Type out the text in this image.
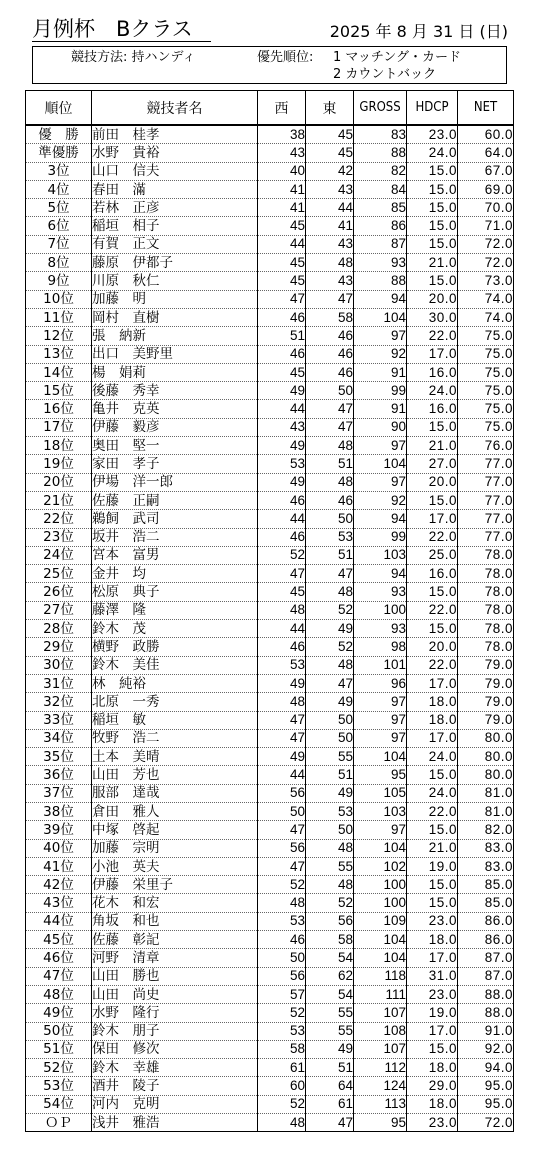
月例杯　Bクラス	2025 年 8 月 31 日 (日)
競技方法: 持ハンディ	優先順位: 1 マッチング・カード
2 カウントバック
順位	競技者名	西	東	GROSS	HDCP	NET
優　勝	前田　桂孝	38	45	83	23.0	60.0
準優勝	水野　貴裕	43	45	88	24.0	64.0
3位	山口　信夫	40	42	82	15.0	67.0
4位	春田　滿	41	43	84	15.0	69.0
5位	若林　正彦	41	44	85	15.0	70.0
6位	稲垣　相子	45	41	86	15.0	71.0
7位	有賀　正文	44	43	87	15.0	72.0
8位	藤原　伊都子	45	48	93	21.0	72.0
9位	川原　秋仁	45	43	88	15.0	73.0
10位	加藤　明	47	47	94	20.0	74.0
11位	岡村　直樹	46	58	104	30.0	74.0
12位	張　納新	51	46	97	22.0	75.0
13位	出口　美野里	46	46	92	17.0	75.0
14位	楊　娟莉	45	46	91	16.0	75.0
15位	後藤　秀幸	49	50	99	24.0	75.0
16位	亀井　克英	44	47	91	16.0	75.0
17位	伊藤　毅彦	43	47	90	15.0	75.0
18位	奥田　堅一	49	48	97	21.0	76.0
19位	家田　孝子	53	51	104	27.0	77.0
20位	伊場　洋一郎	49	48	97	20.0	77.0
21位	佐藤　正嗣	46	46	92	15.0	77.0
22位	鵜飼　武司	44	50	94	17.0	77.0
23位	坂井　浩二	46	53	99	22.0	77.0
24位	宮本　富男	52	51	103	25.0	78.0
25位	金井　均	47	47	94	16.0	78.0
26位	松原　典子	45	48	93	15.0	78.0
27位	藤澤　隆	48	52	100	22.0	78.0
28位	鈴木　茂	44	49	93	15.0	78.0
29位	横野　政勝	46	52	98	20.0	78.0
30位	鈴木　美佳	53	48	101	22.0	79.0
31位	林　純裕	49	47	96	17.0	79.0
32位	北原　一秀	48	49	97	18.0	79.0
33位	稲垣　敏	47	50	97	18.0	79.0
34位	牧野　浩二	47	50	97	17.0	80.0
35位	土本　美晴	49	55	104	24.0	80.0
36位	山田　芳也	44	51	95	15.0	80.0
37位	服部　達哉	56	49	105	24.0	81.0
38位	倉田　雅人	50	53	103	22.0	81.0
39位	中塚　啓起	47	50	97	15.0	82.0
40位	加藤　宗明	56	48	104	21.0	83.0
41位	小池　英夫	47	55	102	19.0	83.0
42位	伊藤　栄里子	52	48	100	15.0	85.0
43位	花木　和宏	48	52	100	15.0	85.0
44位	角坂　和也	53	56	109	23.0	86.0
45位	佐藤　彰記	46	58	104	18.0	86.0
46位	河野　清章	50	54	104	17.0	87.0
47位	山田　勝也	56	62	118	31.0	87.0
48位	山田　尚史	57	54	111	23.0	88.0
49位	水野　隆行	52	55	107	19.0	88.0
50位	鈴木　朋子	53	55	108	17.0	91.0
51位	保田　修次	58	49	107	15.0	92.0
52位	鈴木　幸雄	61	51	112	18.0	94.0
53位	酒井　陵子	60	64	124	29.0	95.0
54位	河内　克明	52	61	113	18.0	95.0
ＯＰ	浅井　雅浩	48	47	95	23.0	72.0
